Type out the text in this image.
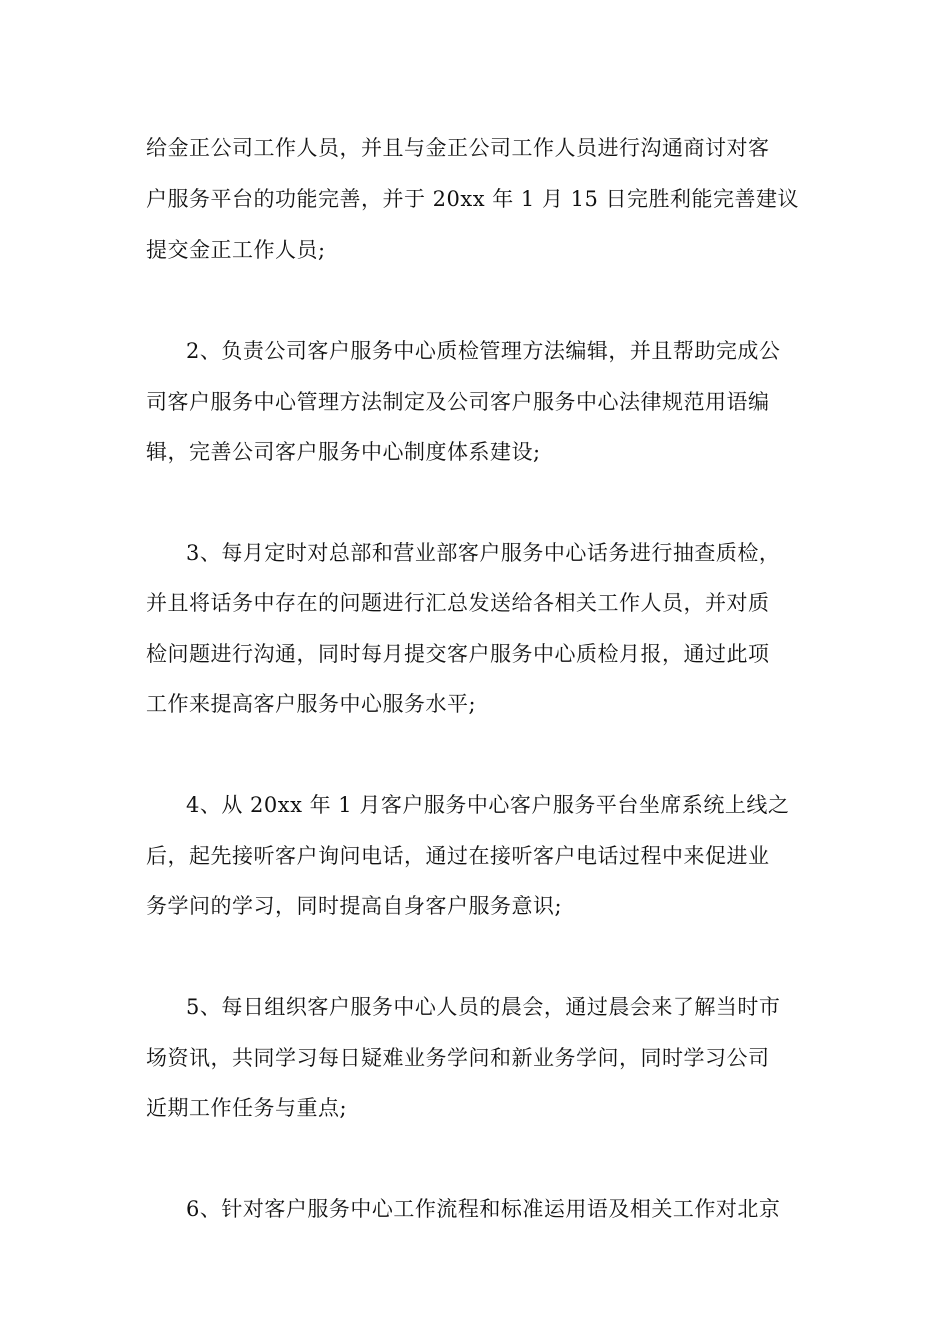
给金正公司工作人员，并且与金正公司工作人员进行沟通商讨对客
户服务平台的功能完善，并于 20xx 年 1 月 15 日完胜利能完善建议
提交金正工作人员;
2、负责公司客户服务中心质检管理方法编辑，并且帮助完成公
司客户服务中心管理方法制定及公司客户服务中心法律规范用语编
辑，完善公司客户服务中心制度体系建设;
3、每月定时对总部和营业部客户服务中心话务进行抽查质检，
并且将话务中存在的问题进行汇总发送给各相关工作人员，并对质
检问题进行沟通，同时每月提交客户服务中心质检月报，通过此项
工作来提高客户服务中心服务水平;
4、从 20xx 年 1 月客户服务中心客户服务平台坐席系统上线之
后，起先接听客户询问电话，通过在接听客户电话过程中来促进业
务学问的学习，同时提高自身客户服务意识;
5、每日组织客户服务中心人员的晨会，通过晨会来了解当时市
场资讯，共同学习每日疑难业务学问和新业务学问，同时学习公司
近期工作任务与重点;
6、针对客户服务中心工作流程和标准运用语及相关工作对北京
